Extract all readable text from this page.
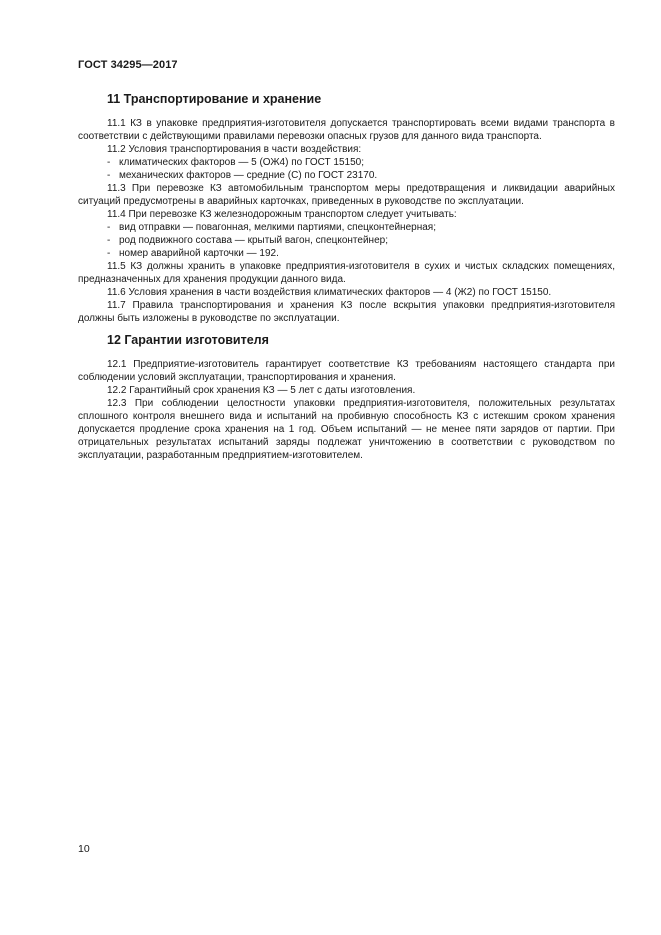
ГОСТ 34295—2017
11 Транспортирование и хранение

11.1 КЗ в упаковке предприятия-изготовителя допускается транспортировать всеми видами транспорта в соответствии с действующими правилами перевозки опасных грузов для данного вида транспорта.

11.2 Условия транспортирования в части воздействия:

- климатических факторов — 5 (ОЖ4) по ГОСТ 15150;
- механических факторов — средние (С) по ГОСТ 23170.

11.3 При перевозке КЗ автомобильным транспортом меры предотвращения и ликвидации аварийных ситуаций предусмотрены в аварийных карточках, приведенных в руководстве по эксплуатации.

11.4 При перевозке КЗ железнодорожным транспортом следует учитывать:

- вид отправки — повагонная, мелкими партиями, спецконтейнерная;
- род подвижного состава — крытый вагон, спецконтейнер;
- номер аварийной карточки — 192.

11.5 КЗ должны хранить в упаковке предприятия-изготовителя в сухих и чистых складских помещениях, предназначенных для хранения продукции данного вида.

11.6 Условия хранения в части воздействия климатических факторов — 4 (Ж2) по ГОСТ 15150.

11.7 Правила транспортирования и хранения КЗ после вскрытия упаковки предприятия-изготовителя должны быть изложены в руководстве по эксплуатации.

12 Гарантии изготовителя

12.1 Предприятие-изготовитель гарантирует соответствие КЗ требованиям настоящего стандарта при соблюдении условий эксплуатации, транспортирования и хранения.

12.2 Гарантийный срок хранения КЗ — 5 лет с даты изготовления.

12.3 При соблюдении целостности упаковки предприятия-изготовителя, положительных результатах сплошного контроля внешнего вида и испытаний на пробивную способность КЗ с истекшим сроком хранения допускается продление срока хранения на 1 год. Объем испытаний — не менее пяти зарядов от партии. При отрицательных результатах испытаний заряды подлежат уничтожению в соответствии с руководством по эксплуатации, разработанным предприятием-изготовителем.

10
